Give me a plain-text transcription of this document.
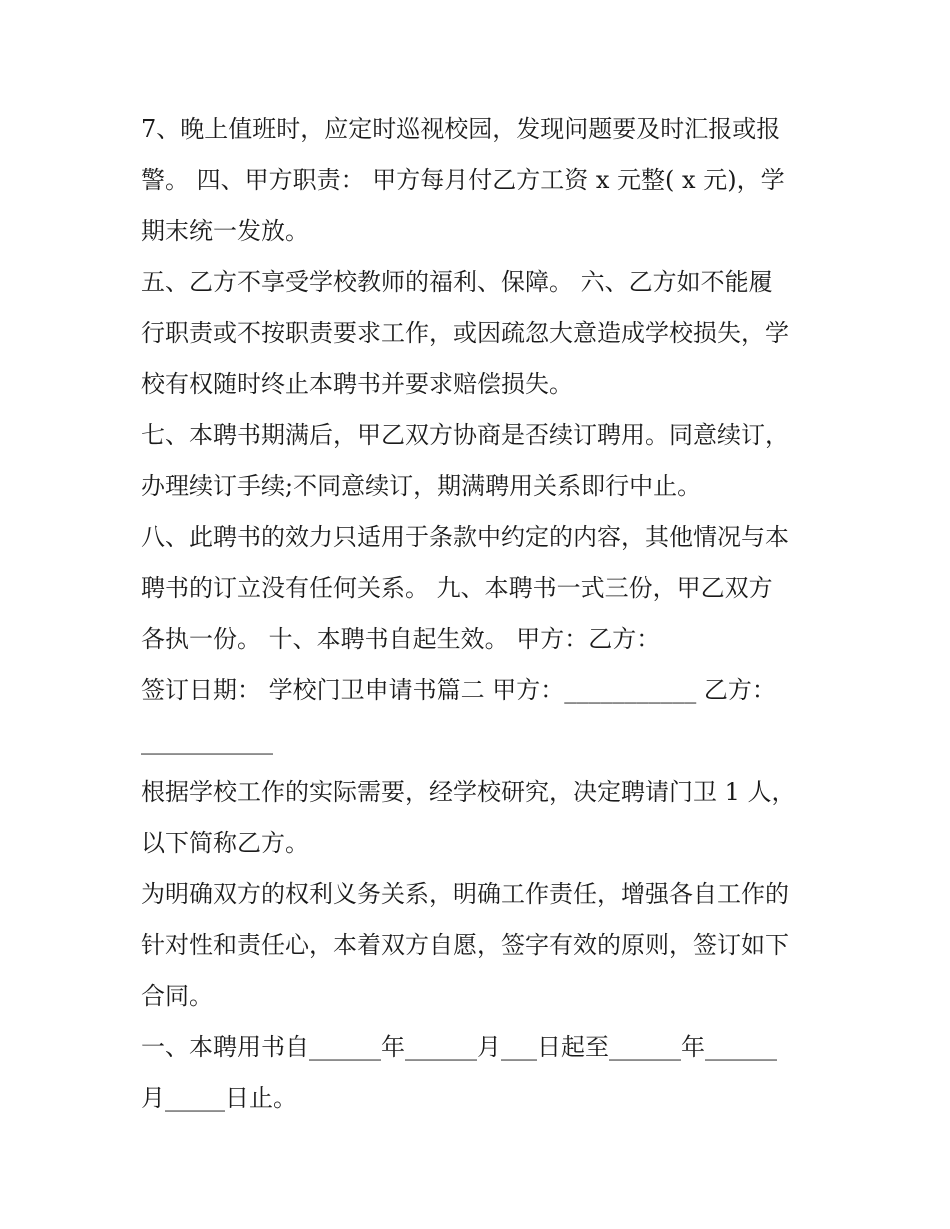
7、晚上值班时，应定时巡视校园，发现问题要及时汇报或报
警。 四、甲方职责： 甲方每月付乙方工资 x 元整( x 元)，学
期末统一发放。
五、乙方不享受学校教师的福利、保障。 六、乙方如不能履
行职责或不按职责要求工作，或因疏忽大意造成学校损失，学
校有权随时终止本聘书并要求赔偿损失。
七、本聘书期满后，甲乙双方协商是否续订聘用。同意续订，
办理续订手续;不同意续订，期满聘用关系即行中止。
八、此聘书的效力只适用于条款中约定的内容，其他情况与本
聘书的订立没有任何关系。 九、本聘书一式三份，甲乙双方
各执一份。 十、本聘书自起生效。 甲方：乙方：
签订日期： 学校门卫申请书篇二 甲方：___________ 乙方：
___________
根据学校工作的实际需要，经学校研究，决定聘请门卫 1 人，
以下简称乙方。
为明确双方的权利义务关系，明确工作责任，增强各自工作的
针对性和责任心，本着双方自愿，签字有效的原则，签订如下
合同。
一、本聘用书自______年______月___日起至______年______
月_____日止。
